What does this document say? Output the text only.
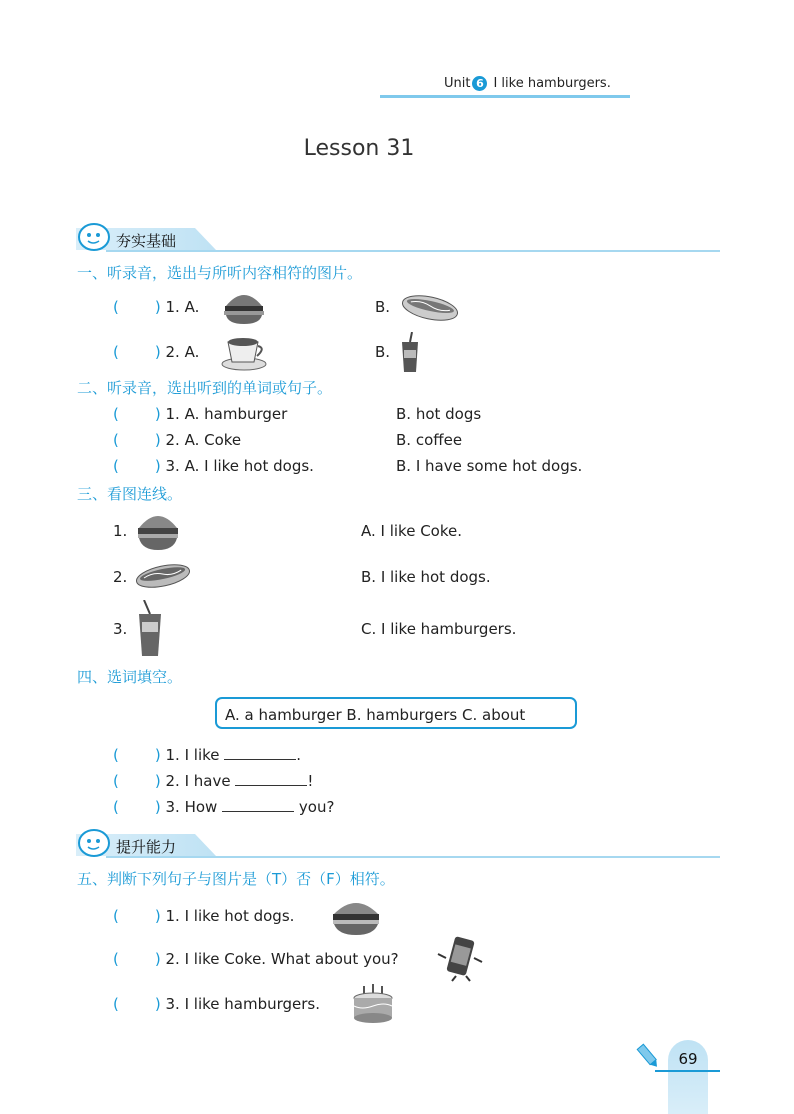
Unit 6 I like hamburgers.
Lesson 31
夯实基础
一、听录音，选出与所听内容相符的图片。
( ) 1. A.	B.
( ) 2. A.	B.
二、听录音，选出听到的单词或句子。
( ) 1. A. hamburger	B. hot dogs
( ) 2. A. Coke	B. coffee
( ) 3. A. I like hot dogs.	B. I have some hot dogs.
三、看图连线。
1.	A. I like Coke.
2.	B. I like hot dogs.
3.	C. I like hamburgers.
四、选词填空。
A. a hamburger B. hamburgers C. about
( ) 1. I like	.
( ) 2. I have	!
( ) 3. How	you?
提升能力
五、判断下列句子与图片是（T）否（F）相符。
( ) 1. I like hot dogs.
( ) 2. I like Coke. What about you?
( ) 3. I like hamburgers.
69
